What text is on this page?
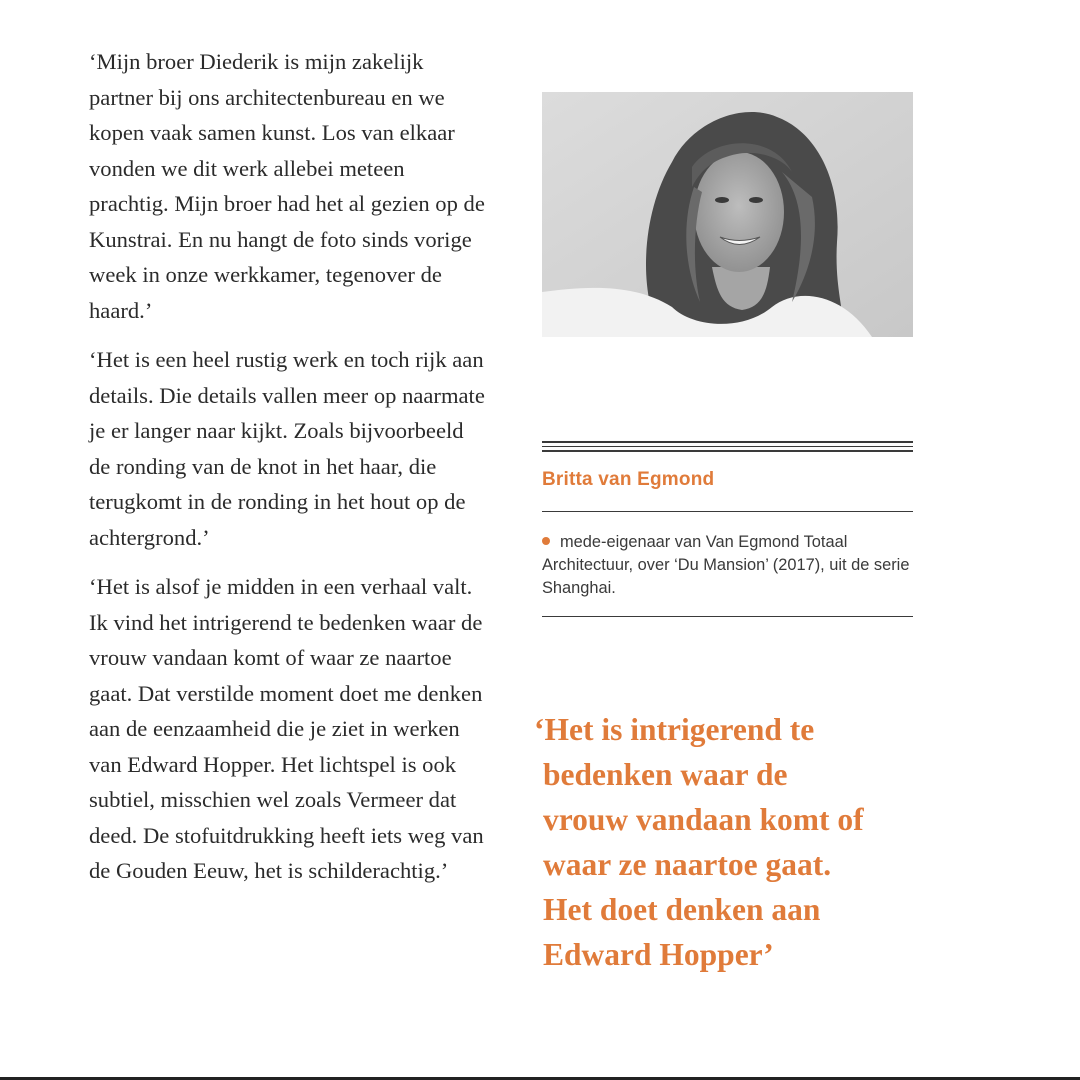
‘Mijn broer Diederik is mijn zakelijk partner bij ons architectenbureau en we kopen vaak samen kunst. Los van elkaar vonden we dit werk allebei meteen prachtig. Mijn broer had het al gezien op de Kunstrai. En nu hangt de foto sinds vorige week in onze werkkamer, tegenover de haard.’

‘Het is een heel rustig werk en toch rijk aan details. Die details vallen meer op naarmate je er langer naar kijkt. Zoals bijvoorbeeld de ronding van de knot in het haar, die terugkomt in de ronding in het hout op de achtergrond.’

‘Het is alsof je midden in een verhaal valt. Ik vind het intrigerend te bedenken waar de vrouw vandaan komt of waar ze naartoe gaat. Dat verstilde moment doet me denken aan de eenzaamheid die je ziet in werken van Edward Hopper. Het lichtspel is ook subtiel, misschien wel zoals Vermeer dat deed. De stofuitdrukking heeft iets weg van de Gouden Eeuw, het is schilderachtig.’

Britta van Egmond
mede-eigenaar van Van Egmond Totaal Architectuur, over ‘Du Mansion’ (2017), uit de serie Shanghai.
‘Het is intrigerend te
bedenken waar de
vrouw vandaan komt of
waar ze naartoe gaat.
Het doet denken aan
Edward Hopper’
